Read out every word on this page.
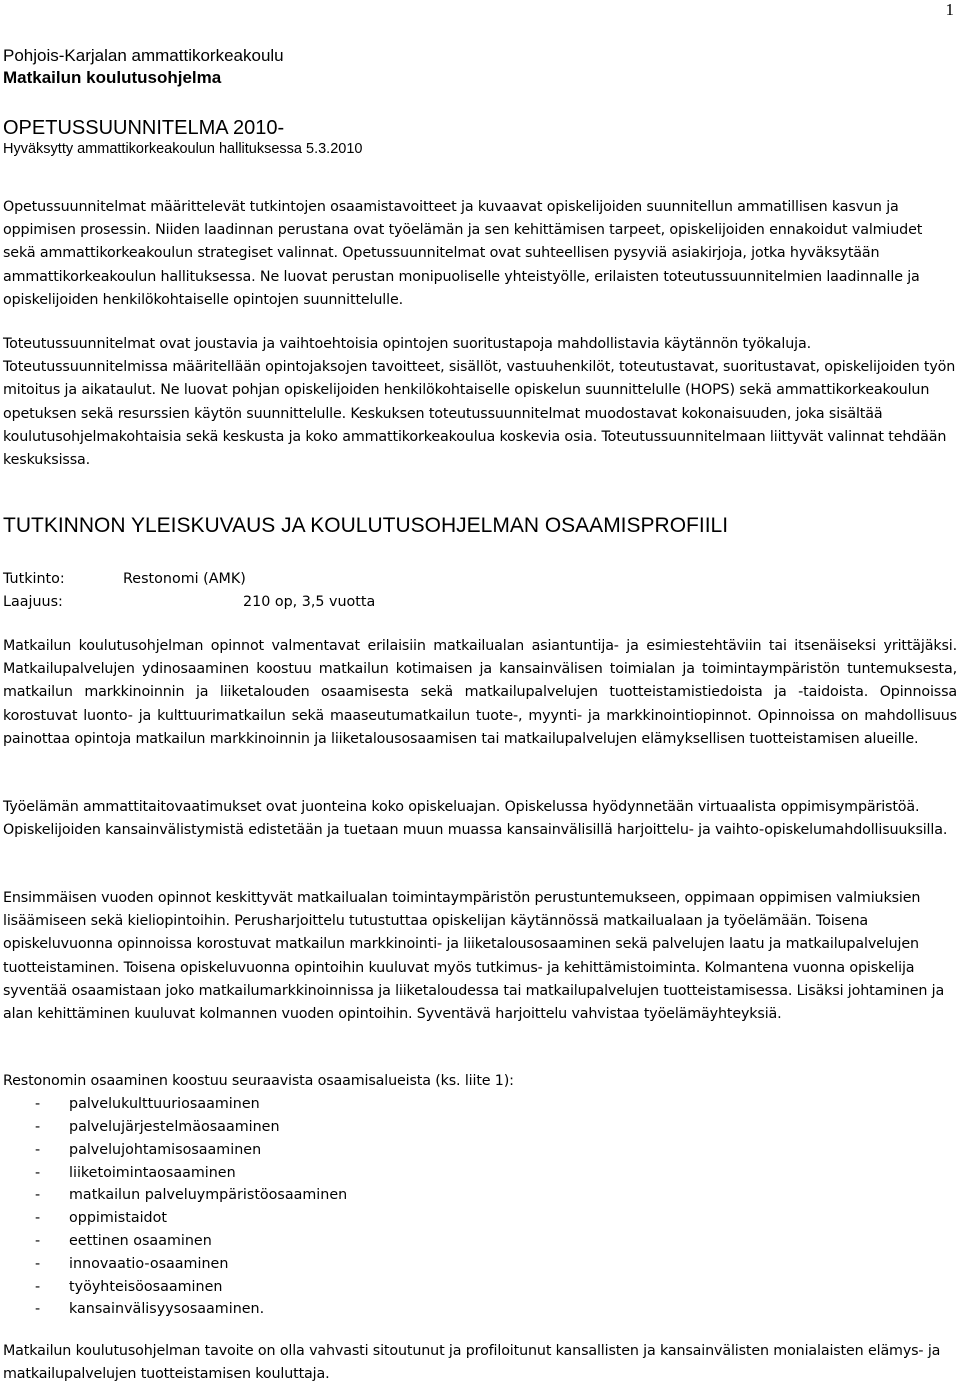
1

Pohjois-Karjalan ammattikorkeakoulu

Matkailun koulutusohjelma

OPETUSSUUNNITELMA 2010-

Hyväksytty ammattikorkeakoulun hallituksessa 5.3.2010

Opetussuunnitelmat määrittelevät tutkintojen osaamistavoitteet ja kuvaavat opiskelijoiden suunnitellun ammatillisen kasvun ja oppimisen prosessin. Niiden laadinnan perustana ovat työelämän ja sen kehittämisen tarpeet, opiskelijoiden ennakoidut valmiudet sekä ammattikorkeakoulun strategiset valinnat. Opetussuunnitelmat ovat suhteellisen pysyviä asiakirjoja, jotka hyväksytään ammattikorkeakoulun hallituksessa. Ne luovat perustan monipuoliselle yhteistyölle, erilaisten toteutussuunnitelmien laadinnalle ja opiskelijoiden henkilökohtaiselle opintojen suunnittelulle.

Toteutussuunnitelmat ovat joustavia ja vaihtoehtoisia opintojen suoritustapoja mahdollistavia käytännön työkaluja. Toteutussuunnitelmissa määritellään opintojaksojen tavoitteet, sisällöt, vastuuhenkilöt, toteutustavat, suoritustavat, opiskelijoiden työn mitoitus ja aikataulut. Ne luovat pohjan opiskelijoiden henkilökohtaiselle opiskelun suunnittelulle (HOPS) sekä ammattikorkeakoulun opetuksen sekä resurssien käytön suunnittelulle. Keskuksen toteutussuunnitelmat muodostavat kokonaisuuden, joka sisältää koulutusohjelmakohtaisia sekä keskusta ja koko ammattikorkeakoulua koskevia osia. Toteutussuunnitelmaan liittyvät valinnat tehdään keskuksissa.

TUTKINNON YLEISKUVAUS JA KOULUTUSOHJELMAN OSAAMISPROFIILI

Tutkinto:	Restonomi (AMK)
Laajuus:	210 op, 3,5 vuotta

Matkailun koulutusohjelman opinnot valmentavat erilaisiin matkailualan asiantuntija- ja esimiestehtäviin tai itsenäiseksi yrittäjäksi. Matkailupalvelujen ydinosaaminen koostuu matkailun kotimaisen ja kansainvälisen toimialan ja toimintaympäristön tuntemuksesta, matkailun markkinoinnin ja liiketalouden osaamisesta sekä matkailupalvelujen tuotteistamistiedoista ja -taidoista. Opinnoissa korostuvat luonto- ja kulttuurimatkailun sekä maaseutumatkailun tuote-, myynti- ja markkinointiopinnot. Opinnoissa on mahdollisuus painottaa opintoja matkailun markkinoinnin ja liiketalousosaamisen tai matkailupalvelujen elämyksellisen tuotteistamisen alueille.

Työelämän ammattitaitovaatimukset ovat juonteina koko opiskeluajan. Opiskelussa hyödynnetään virtuaalista oppimisympäristöä. Opiskelijoiden kansainvälistymistä edistetään ja tuetaan muun muassa kansainvälisillä harjoittelu- ja vaihto-opiskelumahdollisuuksilla.

Ensimmäisen vuoden opinnot keskittyvät matkailualan toimintaympäristön perustuntemukseen, oppimaan oppimisen valmiuksien lisäämiseen sekä kieliopintoihin. Perusharjoittelu tutustuttaa opiskelijan käytännössä matkailualaan ja työelämään. Toisena opiskeluvuonna opinnoissa korostuvat matkailun markkinointi- ja liiketalousosaaminen sekä palvelujen laatu ja matkailupalvelujen tuotteistaminen. Toisena opiskeluvuonna opintoihin kuuluvat myös tutkimus- ja kehittämistoiminta. Kolmantena vuonna opiskelija syventää osaamistaan joko matkailumarkkinoinnissa ja liiketaloudessa tai matkailupalvelujen tuotteistamisessa. Lisäksi johtaminen ja alan kehittäminen kuuluvat kolmannen vuoden opintoihin. Syventävä harjoittelu vahvistaa työelämäyhteyksiä.

Restonomin osaaminen koostuu seuraavista osaamisalueista (ks. liite 1):

- palvelukulttuuriosaaminen
- palvelujärjestelmäosaaminen
- palvelujohtamisosaaminen
- liiketoimintaosaaminen
- matkailun palveluympäristöosaaminen
- oppimistaidot
- eettinen osaaminen
- innovaatio-osaaminen
- työyhteisöosaaminen
- kansainvälisyysosaaminen.

Matkailun koulutusohjelman tavoite on olla vahvasti sitoutunut ja profiloitunut kansallisten ja kansainvälisten monialaisten elämys- ja matkailupalvelujen tuotteistamisen kouluttaja.
